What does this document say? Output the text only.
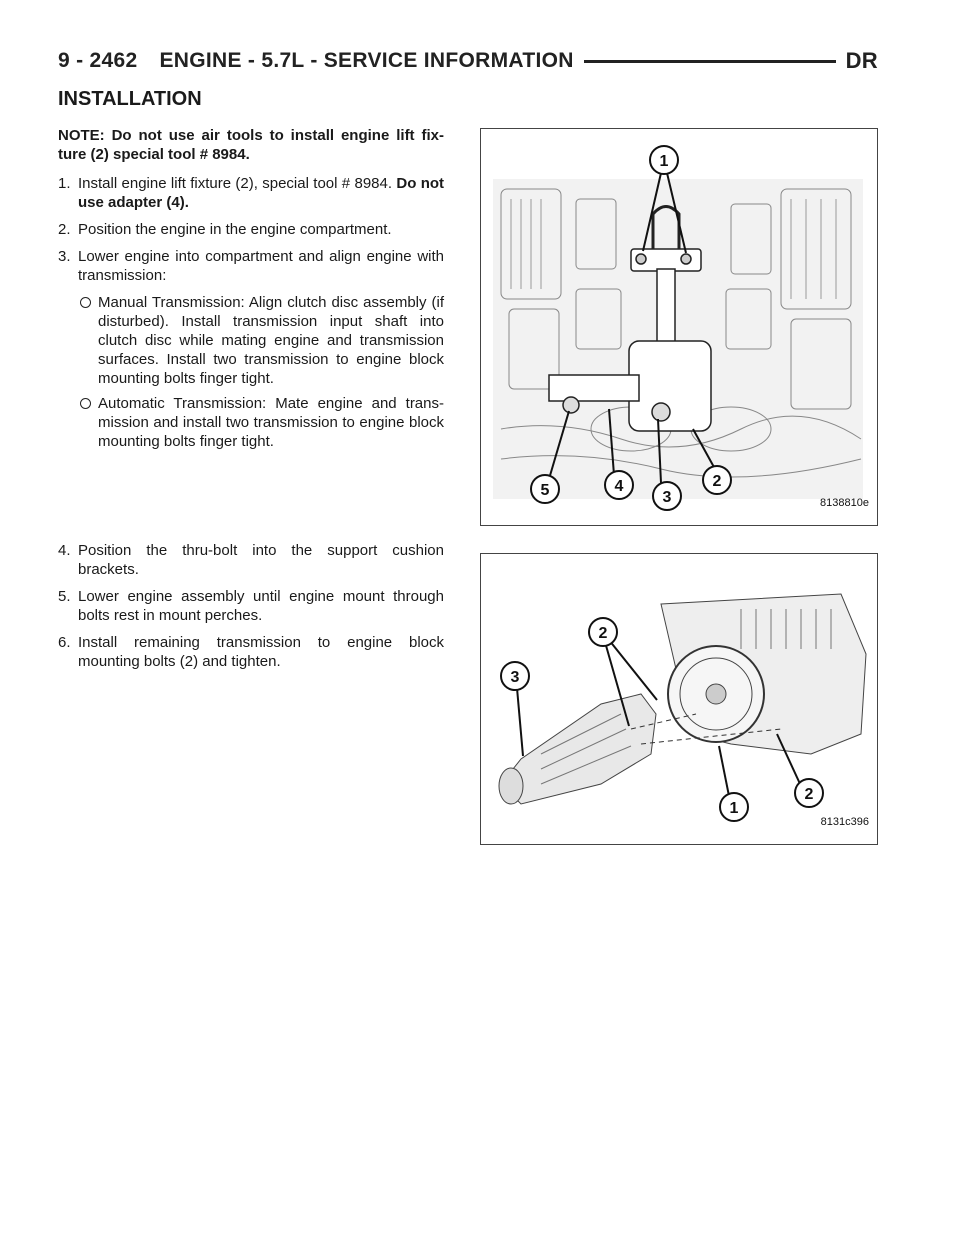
9 - 2462 ENGINE - 5.7L - SERVICE INFORMATION	DR
INSTALLATION

NOTE: Do not use air tools to install engine lift fix-ture (2) special tool # 8984.

1. Install engine lift fixture (2), special tool # 8984. Do not use adapter (4).
2. Position the engine in the engine compartment.
3. Lower engine into compartment and align engine with transmission:
Manual Transmission: Align clutch disc assembly (if disturbed). Install transmission input shaft into clutch disc while mating engine and transmission surfaces. Install two transmission to engine block mounting bolts finger tight.
Automatic Transmission: Mate engine and trans-mission and install two transmission to engine block mounting bolts finger tight.
4. Position the thru-bolt into the support cushion brackets.
5. Lower engine assembly until engine mount through bolts rest in mount perches.
6. Install remaining transmission to engine block mounting bolts (2) and tighten.
1
2
3
4
5
8138810e
2
3
1
2
8131c396
